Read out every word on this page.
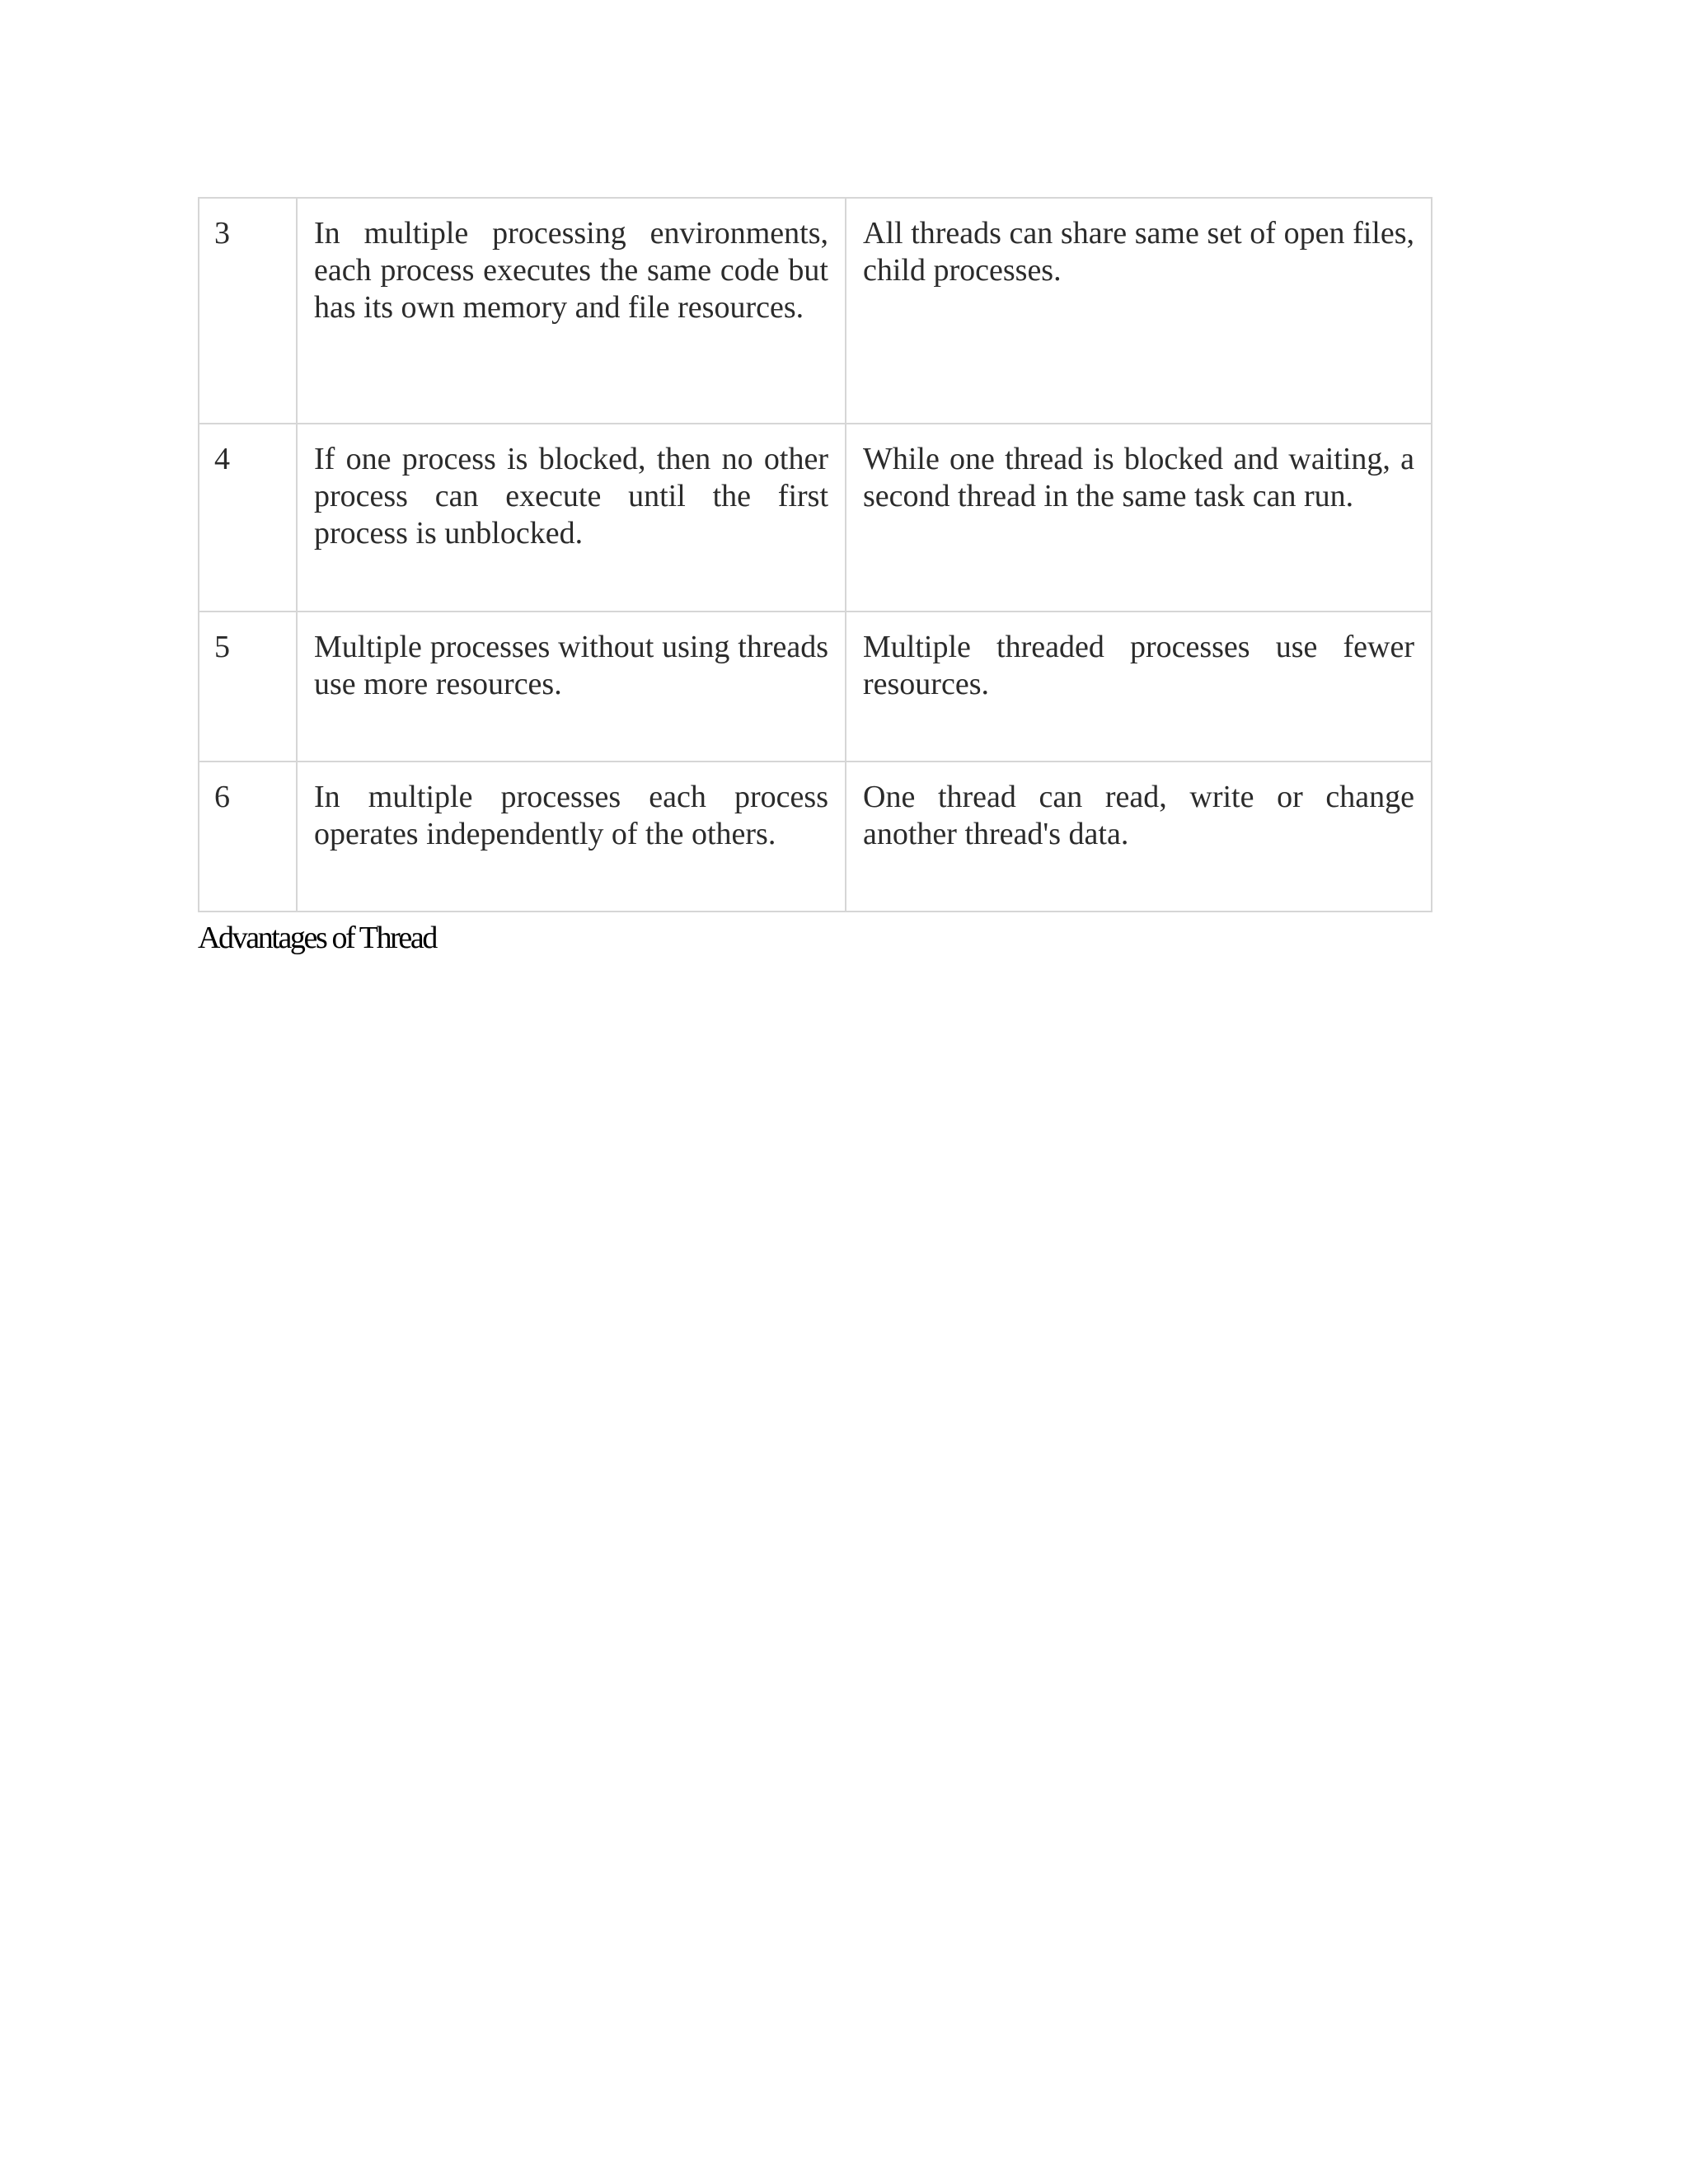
3	In multiple processing environments, each process executes the same code but has its own memory and file resources.	All threads can share same set of open files, child processes.
4	If one process is blocked, then no other process can execute until the first process is unblocked.	While one thread is blocked and waiting, a second thread in the same task can run.
5	Multiple processes without using threads use more resources.	Multiple threaded processes use fewer resources.
6	In multiple processes each process operates independently of the others.	One thread can read, write or change another thread's data.
Advantages of Thread
